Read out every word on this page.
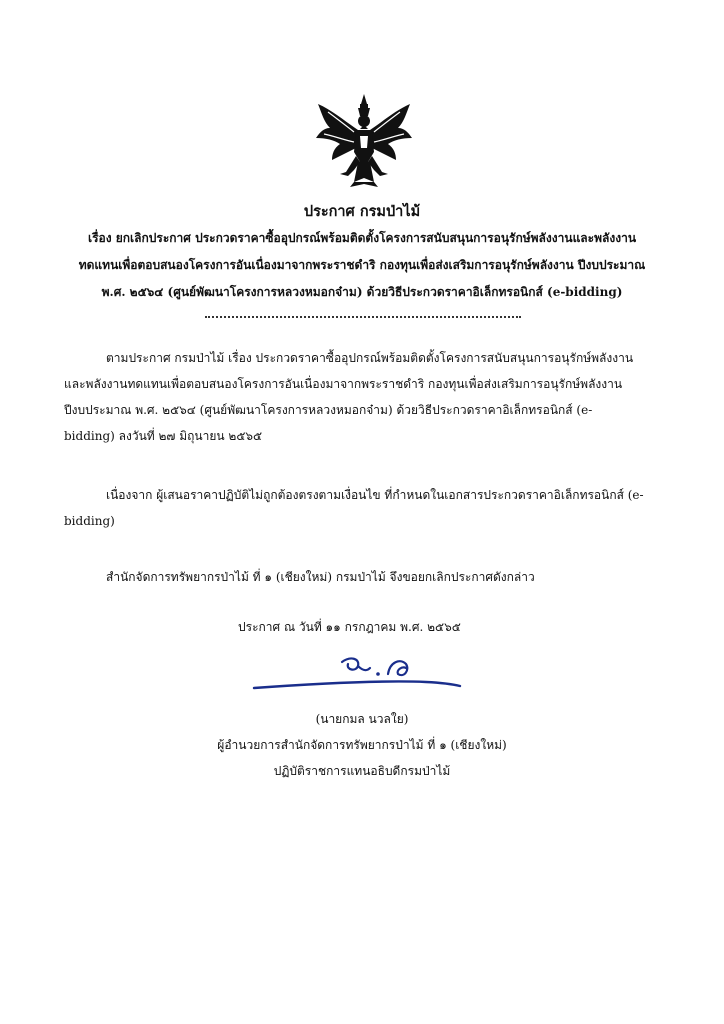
ประกาศ กรมป่าไม้
เรื่อง ยกเลิกประกาศ ประกวดราคาซื้ออุปกรณ์พร้อมติดตั้งโครงการสนับสนุนการอนุรักษ์พลังงานและพลังงาน
ทดแทนเพื่อตอบสนองโครงการอันเนื่องมาจากพระราชดำริ กองทุนเพื่อส่งเสริมการอนุรักษ์พลังงาน ปีงบประมาณ
พ.ศ. ๒๕๖๔ (ศูนย์พัฒนาโครงการหลวงหมอกจ๋าม) ด้วยวิธีประกวดราคาอิเล็กทรอนิกส์ (e-bidding)
ตามประกาศ กรมป่าไม้ เรื่อง ประกวดราคาซื้ออุปกรณ์พร้อมติดตั้งโครงการสนับสนุนการอนุรักษ์พลังงาน
และพลังงานทดแทนเพื่อตอบสนองโครงการอันเนื่องมาจากพระราชดำริ กองทุนเพื่อส่งเสริมการอนุรักษ์พลังงาน
ปีงบประมาณ พ.ศ. ๒๕๖๔ (ศูนย์พัฒนาโครงการหลวงหมอกจ๋าม) ด้วยวิธีประกวดราคาอิเล็กทรอนิกส์ (e-
bidding) ลงวันที่ ๒๗ มิถุนายน ๒๕๖๕
เนื่องจาก ผู้เสนอราคาปฏิบัติไม่ถูกต้องตรงตามเงื่อนไข ที่กำหนดในเอกสารประกวดราคาอิเล็กทรอนิกส์ (e-
bidding)
สำนักจัดการทรัพยากรป่าไม้ ที่ ๑ (เชียงใหม่) กรมป่าไม้ จึงขอยกเลิกประกาศดังกล่าว
ประกาศ ณ วันที่ ๑๑ กรกฎาคม พ.ศ. ๒๕๖๕
(นายกมล นวลใย)
ผู้อำนวยการสำนักจัดการทรัพยากรป่าไม้ ที่ ๑ (เชียงใหม่)
ปฏิบัติราชการแทนอธิบดีกรมป่าไม้
